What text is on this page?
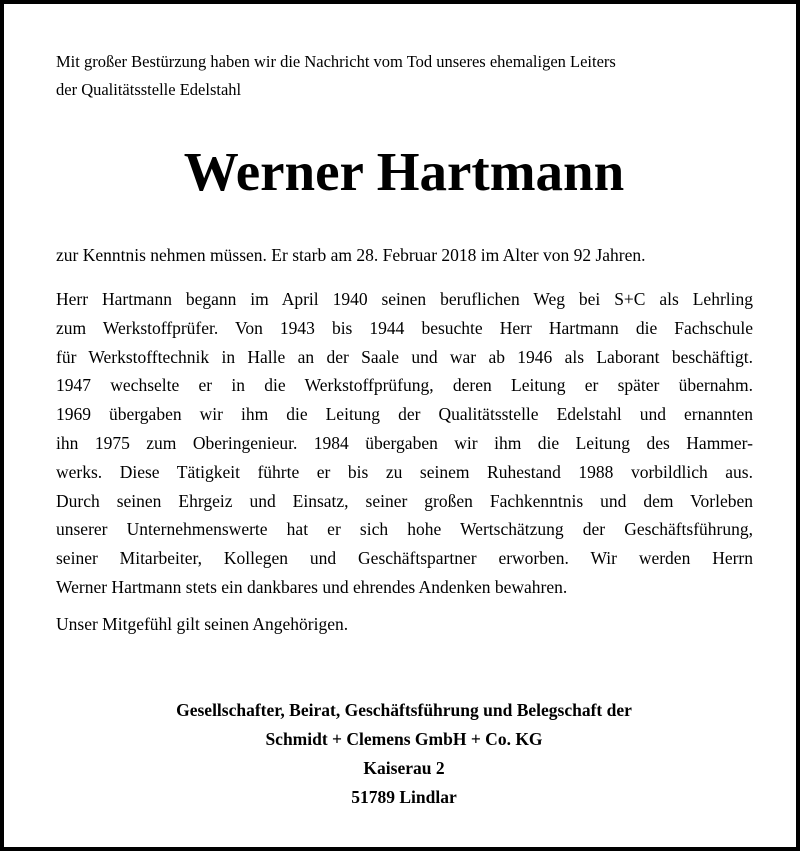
Mit großer Bestürzung haben wir die Nachricht vom Tod unseres ehemaligen Leiters
der Qualitätsstelle Edelstahl
Werner Hartmann
zur Kenntnis nehmen müssen. Er starb am 28. Februar 2018 im Alter von 92 Jahren.
Herr Hartmann begann im April 1940 seinen beruflichen Weg bei S+C als Lehrling
zum Werkstoffprüfer. Von 1943 bis 1944 besuchte Herr Hartmann die Fachschule
für Werkstofftechnik in Halle an der Saale und war ab 1946 als Laborant beschäftigt.
1947 wechselte er in die Werkstoffprüfung, deren Leitung er später übernahm.
1969 übergaben wir ihm die Leitung der Qualitätsstelle Edelstahl und ernannten
ihn 1975 zum Oberingenieur. 1984 übergaben wir ihm die Leitung des Hammer-
werks. Diese Tätigkeit führte er bis zu seinem Ruhestand 1988 vorbildlich aus.
Durch seinen Ehrgeiz und Einsatz, seiner großen Fachkenntnis und dem Vorleben
unserer Unternehmenswerte hat er sich hohe Wertschätzung der Geschäftsführung,
seiner Mitarbeiter, Kollegen und Geschäftspartner erworben. Wir werden Herrn
Werner Hartmann stets ein dankbares und ehrendes Andenken bewahren.
Unser Mitgefühl gilt seinen Angehörigen.
Gesellschafter, Beirat, Geschäftsführung und Belegschaft der
Schmidt + Clemens GmbH + Co. KG
Kaiserau 2
51789 Lindlar
